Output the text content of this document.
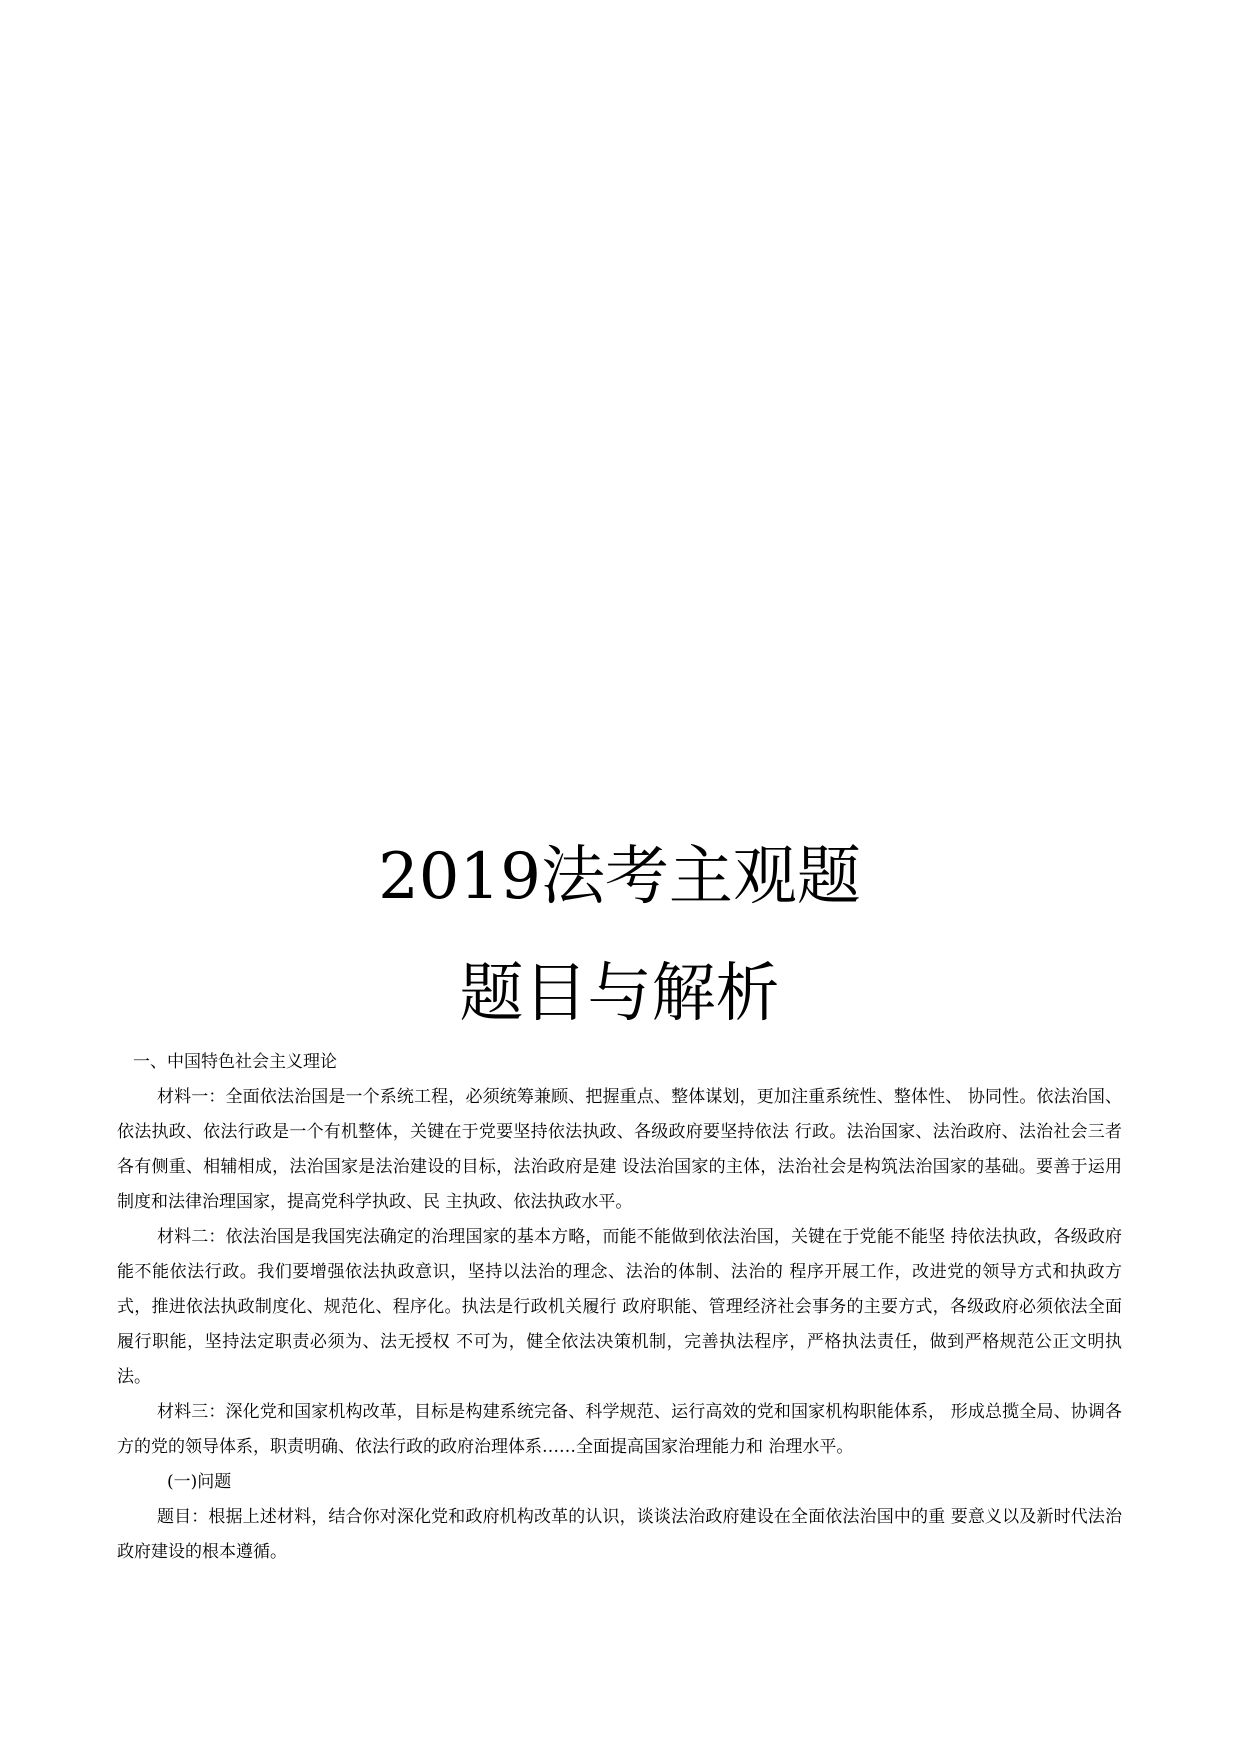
2019法考主观题
题目与解析

一、中国特色社会主义理论

材料一：全面依法治国是一个系统工程，必须统筹兼顾、把握重点、整体谋划，更加注重系统性、整体性、 协同性。依法治国、依法执政、依法行政是一个有机整体，关键在于党要坚持依法执政、各级政府要坚持依法 行政。法治国家、法治政府、法治社会三者各有侧重、相辅相成，法治国家是法治建设的目标，法治政府是建 设法治国家的主体，法治社会是构筑法治国家的基础。要善于运用制度和法律治理国家，提高党科学执政、民 主执政、依法执政水平。

材料二：依法治国是我国宪法确定的治理国家的基本方略，而能不能做到依法治国，关键在于党能不能坚 持依法执政，各级政府能不能依法行政。我们要增强依法执政意识，坚持以法治的理念、法治的体制、法治的 程序开展工作，改进党的领导方式和执政方式，推进依法执政制度化、规范化、程序化。执法是行政机关履行 政府职能、管理经济社会事务的主要方式，各级政府必须依法全面履行职能，坚持法定职责必须为、法无授权 不可为，健全依法决策机制，完善执法程序，严格执法责任，做到严格规范公正文明执法。

材料三：深化党和国家机构改革，目标是构建系统完备、科学规范、运行高效的党和国家机构职能体系， 形成总揽全局、协调各方的党的领导体系，职责明确、依法行政的政府治理体系……全面提高国家治理能力和 治理水平。

(一)问题

题目：根据上述材料，结合你对深化党和政府机构改革的认识，谈谈法治政府建设在全面依法治国中的重 要意义以及新时代法治政府建设的根本遵循。
